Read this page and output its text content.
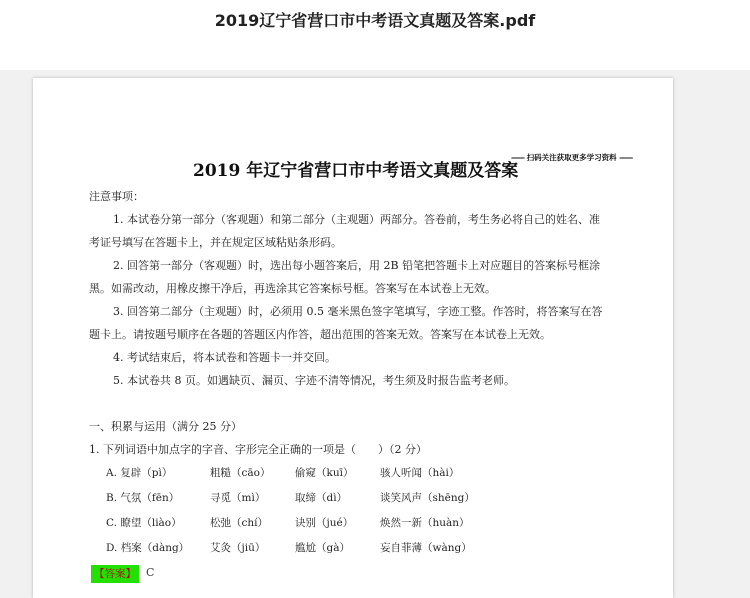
2019辽宁省营口市中考语文真题及答案.pdf
2019 年辽宁省营口市中考语文真题及答案
—— 扫码关注获取更多学习资料 ——
注意事项：
1. 本试卷分第一部分（客观题）和第二部分（主观题）两部分。答卷前，考生务必将自己的姓名、准
考证号填写在答题卡上，并在规定区域粘贴条形码。
2. 回答第一部分（客观题）时，选出每小题答案后，用 2B 铅笔把答题卡上对应题目的答案标号框涂
黑。如需改动，用橡皮擦干净后，再选涂其它答案标号框。答案写在本试卷上无效。
3. 回答第二部分（主观题）时，必须用 0.5 毫米黑色签字笔填写，字迹工整。作答时，将答案写在答
题卡上。请按题号顺序在各题的答题区内作答，超出范围的答案无效。答案写在本试卷上无效。
4. 考试结束后，将本试卷和答题卡一并交回。
5. 本试卷共 8 页。如遇缺页、漏页、字迹不清等情况，考生须及时报告监考老师。
一、积累与运用（满分 25 分）
1. 下列词语中加点字的字音、字形完全正确的一项是（　　）（2 分）
A. 复辟（pì）	粗糙（cāo） 偷窥（kuī）	骇人听闻（hài）
B. 气氛（fēn）	寻觅（mì）	取缔（dì）	谈笑风声（shēng）
C. 瞭望（liào）	松弛（chí）	诀别（jué）	焕然一新（huàn）
D. 档案（dàng） 艾灸（jiū）	尴尬（gà）	妄自菲薄（wàng）
【答案】 C
